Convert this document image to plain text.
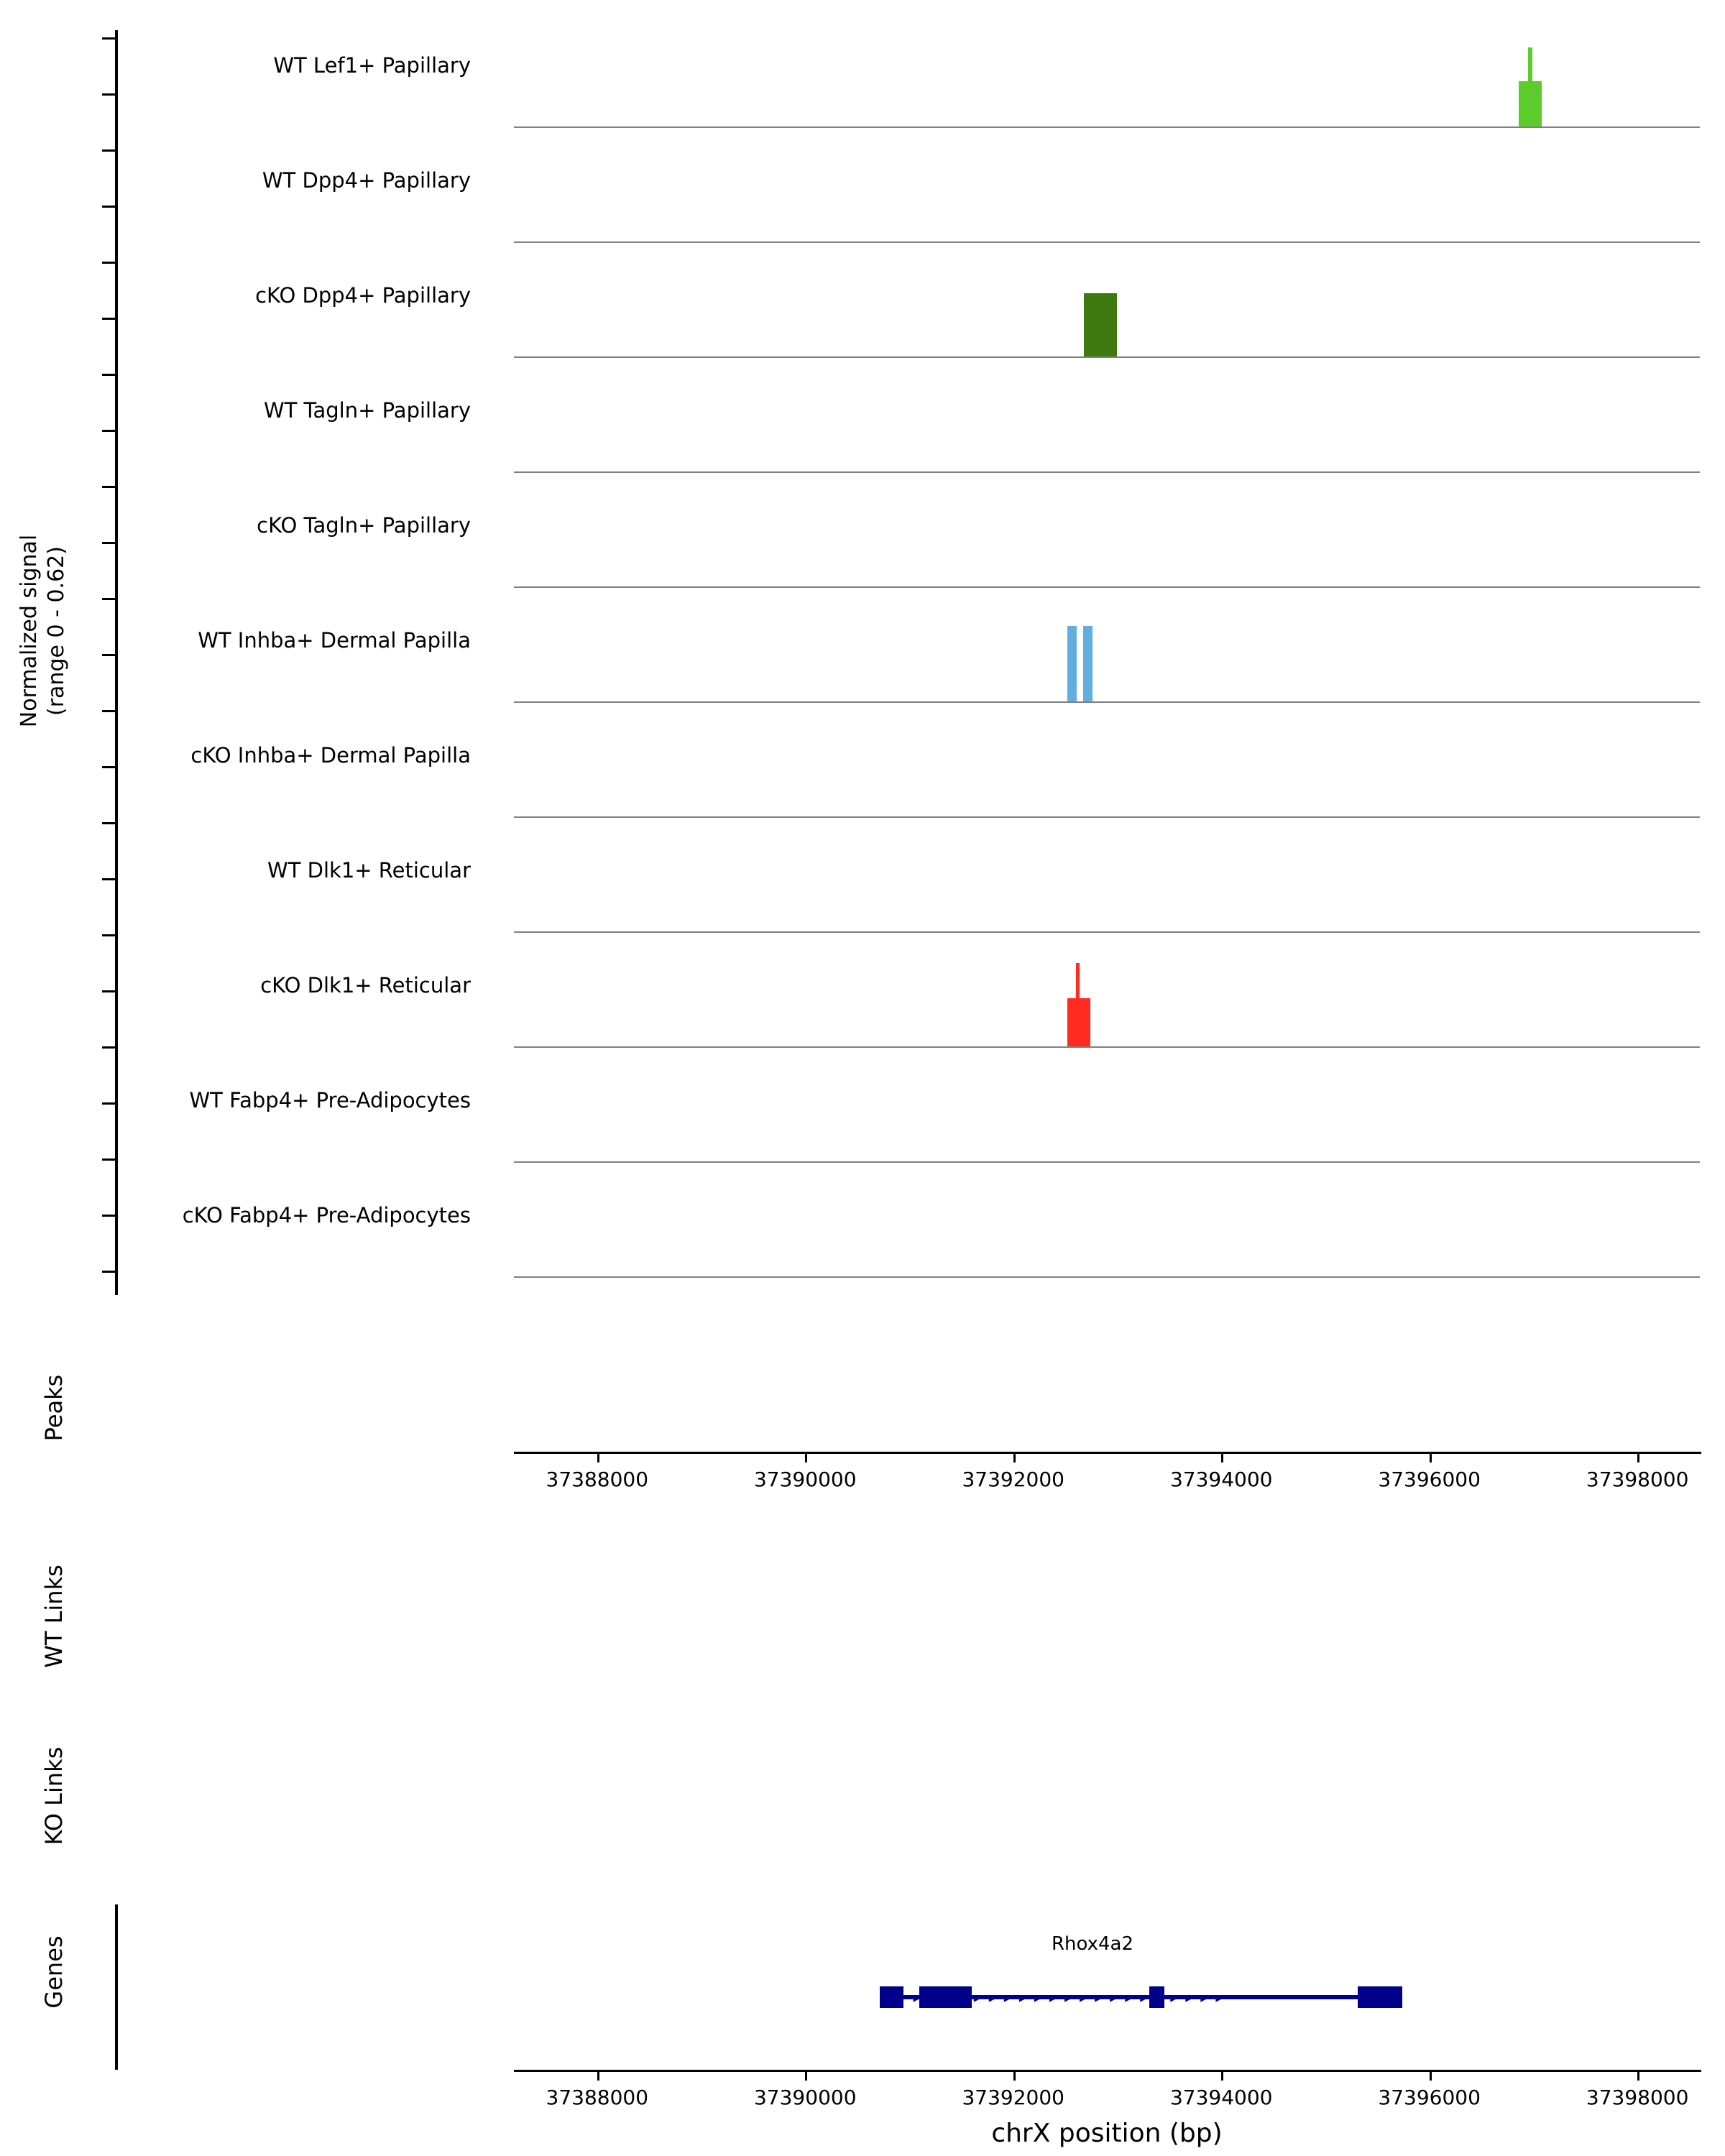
Normalized signal (range 0 - 0.62)
WT Lef1+ Papillary
WT Dpp4+ Papillary
cKO Dpp4+ Papillary
WT Tagln+ Papillary
cKO Tagln+ Papillary
WT Inhba+ Dermal Papilla
cKO Inhba+ Dermal Papilla
WT Dlk1+ Reticular
cKO Dlk1+ Reticular
WT Fabp4+ Pre-Adipocytes
cKO Fabp4+ Pre-Adipocytes
37388000	37390000	37392000	37394000	37396000	37398000
Peaks
WT Links
KO Links
Genes	Rhox4a2
▸▸▸▸▸▸▸▸▸▸▸▸▸▸▸▸▸▸▸▸▸▸▸
37388000	37390000	37392000	37394000	37396000	37398000
chrX position (bp)
